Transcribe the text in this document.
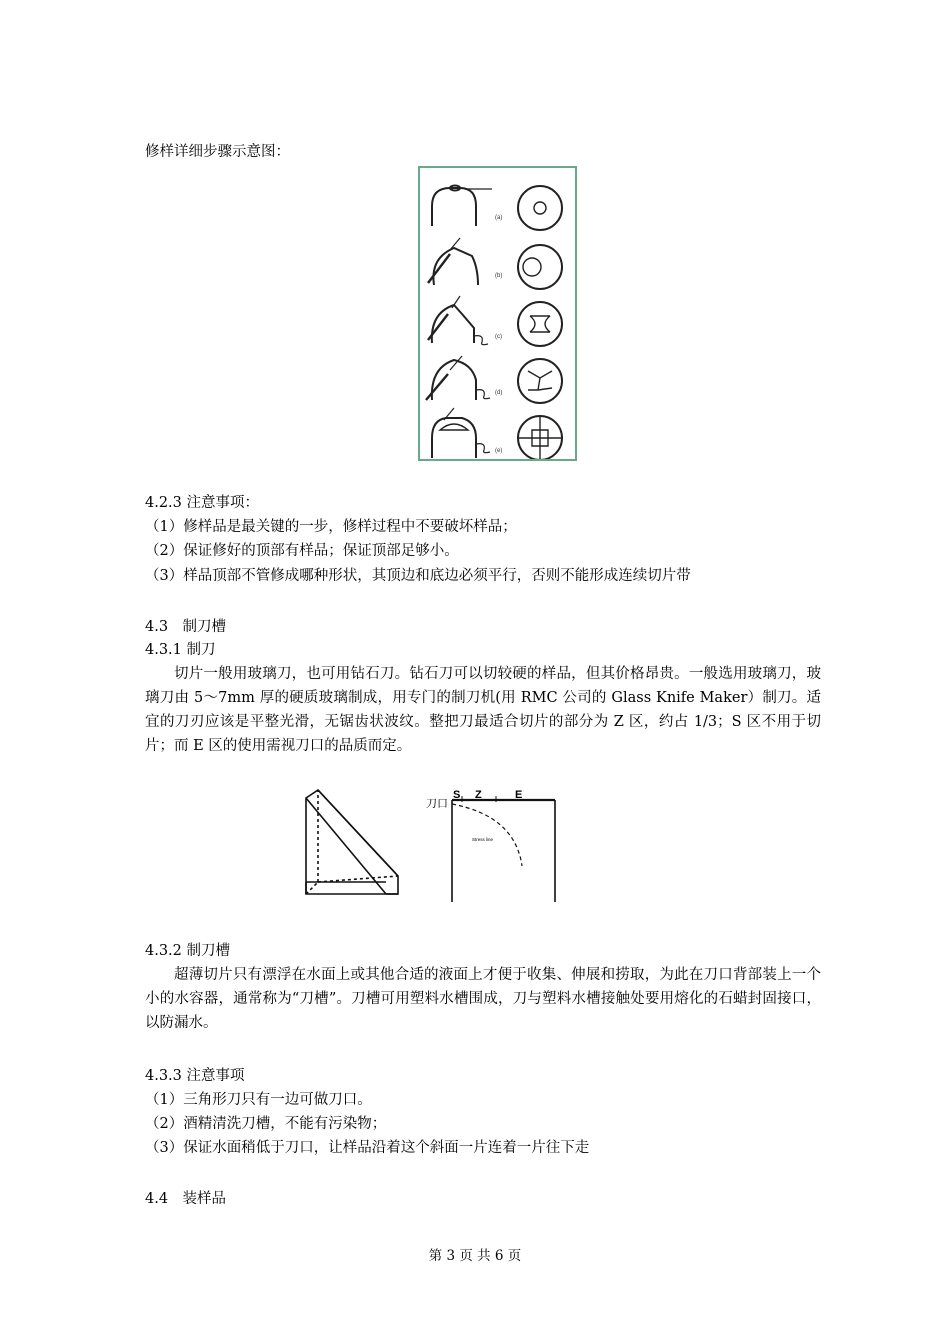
修样详细步骤示意图：
(a)
(b)
(c)
(d)
(e)
4.2.3 注意事项：
（1）修样品是最关键的一步，修样过程中不要破坏样品；
（2）保证修好的顶部有样品；保证顶部足够小。
（3）样品顶部不管修成哪种形状，其顶边和底边必须平行，否则不能形成连续切片带
4.3　制刀槽
4.3.1 制刀
切片一般用玻璃刀，也可用钻石刀。钻石刀可以切较硬的样品，但其价格昂贵。一般选用玻璃刀，玻璃刀由 5～7mm 厚的硬质玻璃制成，用专门的制刀机(用 RMC 公司的 Glass Knife Maker）制刀。适宜的刀刃应该是平整光滑，无锯齿状波纹。整把刀最适合切片的部分为 Z 区，约占 1/3；S 区不用于切片；而 E 区的使用需视刀口的品质而定。
刀口
S Z	E
Stress line
4.3.2 制刀槽
超薄切片只有漂浮在水面上或其他合适的液面上才便于收集、伸展和捞取，为此在刀口背部装上一个小的水容器，通常称为“刀槽”。刀槽可用塑料水槽围成，刀与塑料水槽接触处要用熔化的石蜡封固接口，以防漏水。
4.3.3 注意事项
（1）三角形刀只有一边可做刀口。
（2）酒精清洗刀槽，不能有污染物；
（3）保证水面稍低于刀口，让样品沿着这个斜面一片连着一片往下走
4.4　装样品
第 3 页 共 6 页
